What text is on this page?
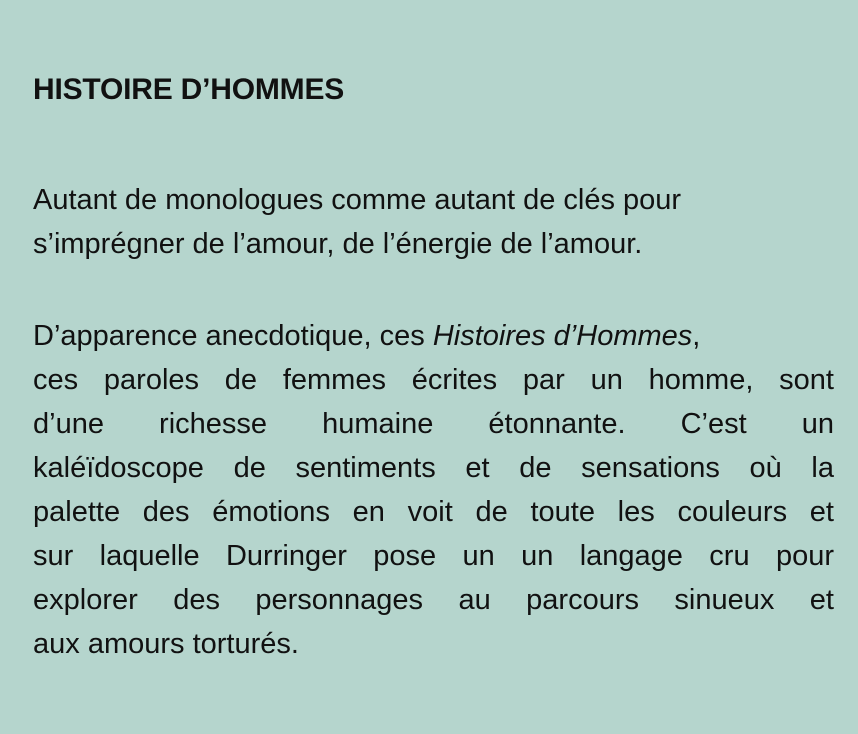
HISTOIRE D’HOMMES

Autant de monologues comme autant de clés pour
s’imprégner de l’amour, de l’énergie de l’amour.

D’apparence anecdotique, ces Histoires d’Hommes,
ces paroles de femmes écrites par un homme, sont
d’une richesse humaine étonnante. C’est un
kaléïdoscope de sentiments et de sensations où la
palette des émotions en voit de toute les couleurs et
sur laquelle Durringer pose un un langage cru pour
explorer des personnages au parcours sinueux et
aux amours torturés.
